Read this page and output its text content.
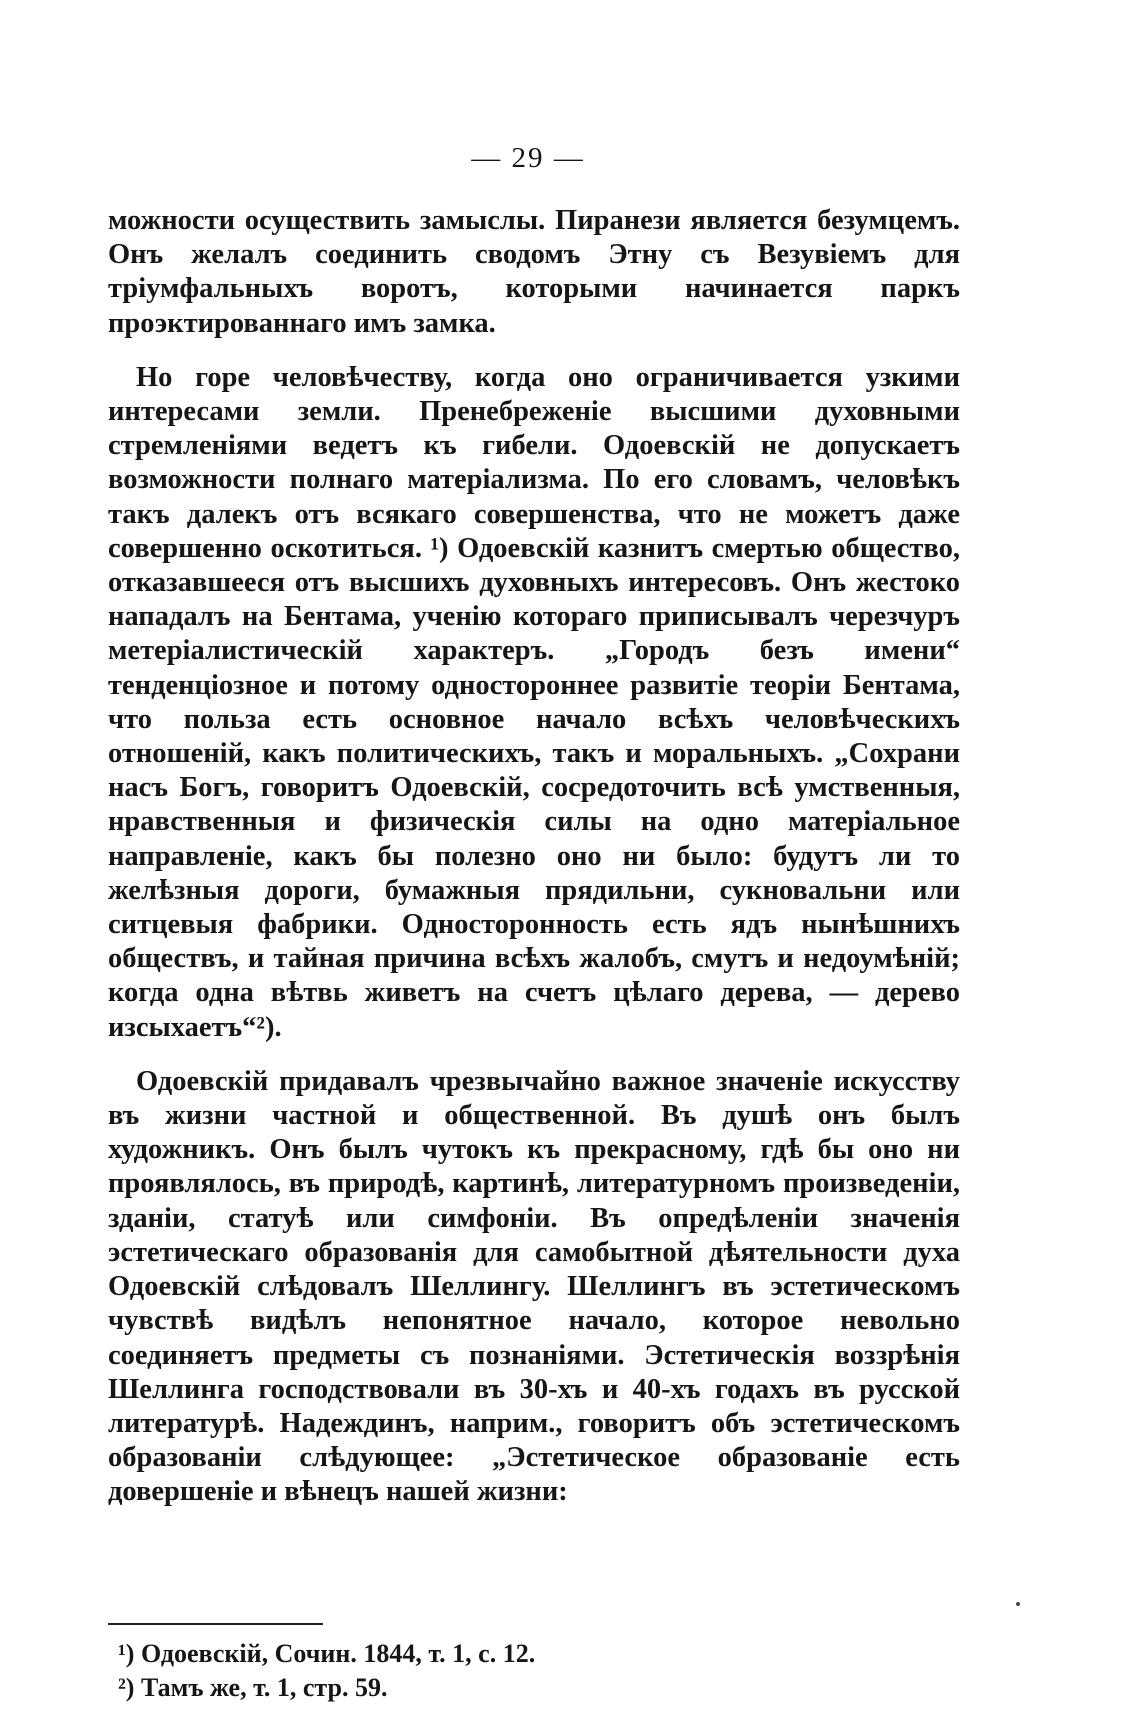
— 29 —

можности осуществить замыслы. Пиранези является безумцемъ. Онъ желалъ соединить сводомъ Этну съ Везувіемъ для тріумфальныхъ воротъ, которыми начинается паркъ проэктированнаго имъ замка.

Но горе человѣчеству, когда оно ограничивается узкими интересами земли. Пренебреженіе высшими духовными стремленіями ведетъ къ гибели. Одоевскій не допускаетъ возможности полнаго матеріализма. По его словамъ, человѣкъ такъ далекъ отъ всякаго совершенства, что не можетъ даже совершенно оскотиться. ¹) Одоевскій казнитъ смертью общество, отказавшееся отъ высшихъ духовныхъ интересовъ. Онъ жестоко нападалъ на Бентама, ученію котораго приписывалъ черезчуръ метеріалистическій характеръ. „Городъ безъ имени“ тенденціозное и потому одностороннее развитіе теоріи Бентама, что польза есть основное начало всѣхъ человѣческихъ отношеній, какъ политическихъ, такъ и моральныхъ. „Сохрани насъ Богъ, говоритъ Одоевскій, сосредоточить всѣ умственныя, нравственныя и физическія силы на одно матеріальное направленіе, какъ бы полезно оно ни было: будутъ ли то желѣзныя дороги, бумажныя прядильни, сукновальни или ситцевыя фабрики. Односторонность есть ядъ нынѣшнихъ обществъ, и тайная причина всѣхъ жалобъ, смутъ и недоумѣній; когда одна вѣтвь живетъ на счетъ цѣлаго дерева, — дерево изсыхаетъ“²).

Одоевскій придавалъ чрезвычайно важное значеніе искусству въ жизни частной и общественной. Въ душѣ онъ былъ художникъ. Онъ былъ чутокъ къ прекрасному, гдѣ бы оно ни проявлялось, въ природѣ, картинѣ, литературномъ произведеніи, зданіи, статуѣ или симфоніи. Въ опредѣленіи значенія эстетическаго образованія для самобытной дѣятельности духа Одоевскій слѣдовалъ Шеллингу. Шеллингъ въ эстетическомъ чувствѣ видѣлъ непонятное начало, которое невольно соединяетъ предметы съ познаніями. Эстетическія воззрѣнія Шеллинга господствовали въ 30-хъ и 40-хъ годахъ въ русской литературѣ. Надеждинъ, наприм., говоритъ объ эстетическомъ образованіи слѣдующее: „Эстетическое образованіе есть довершеніе и вѣнецъ нашей жизни:

¹) Одоевскій, Сочин. 1844, т. 1, с. 12.
²) Тамъ же, т. 1, стр. 59.
